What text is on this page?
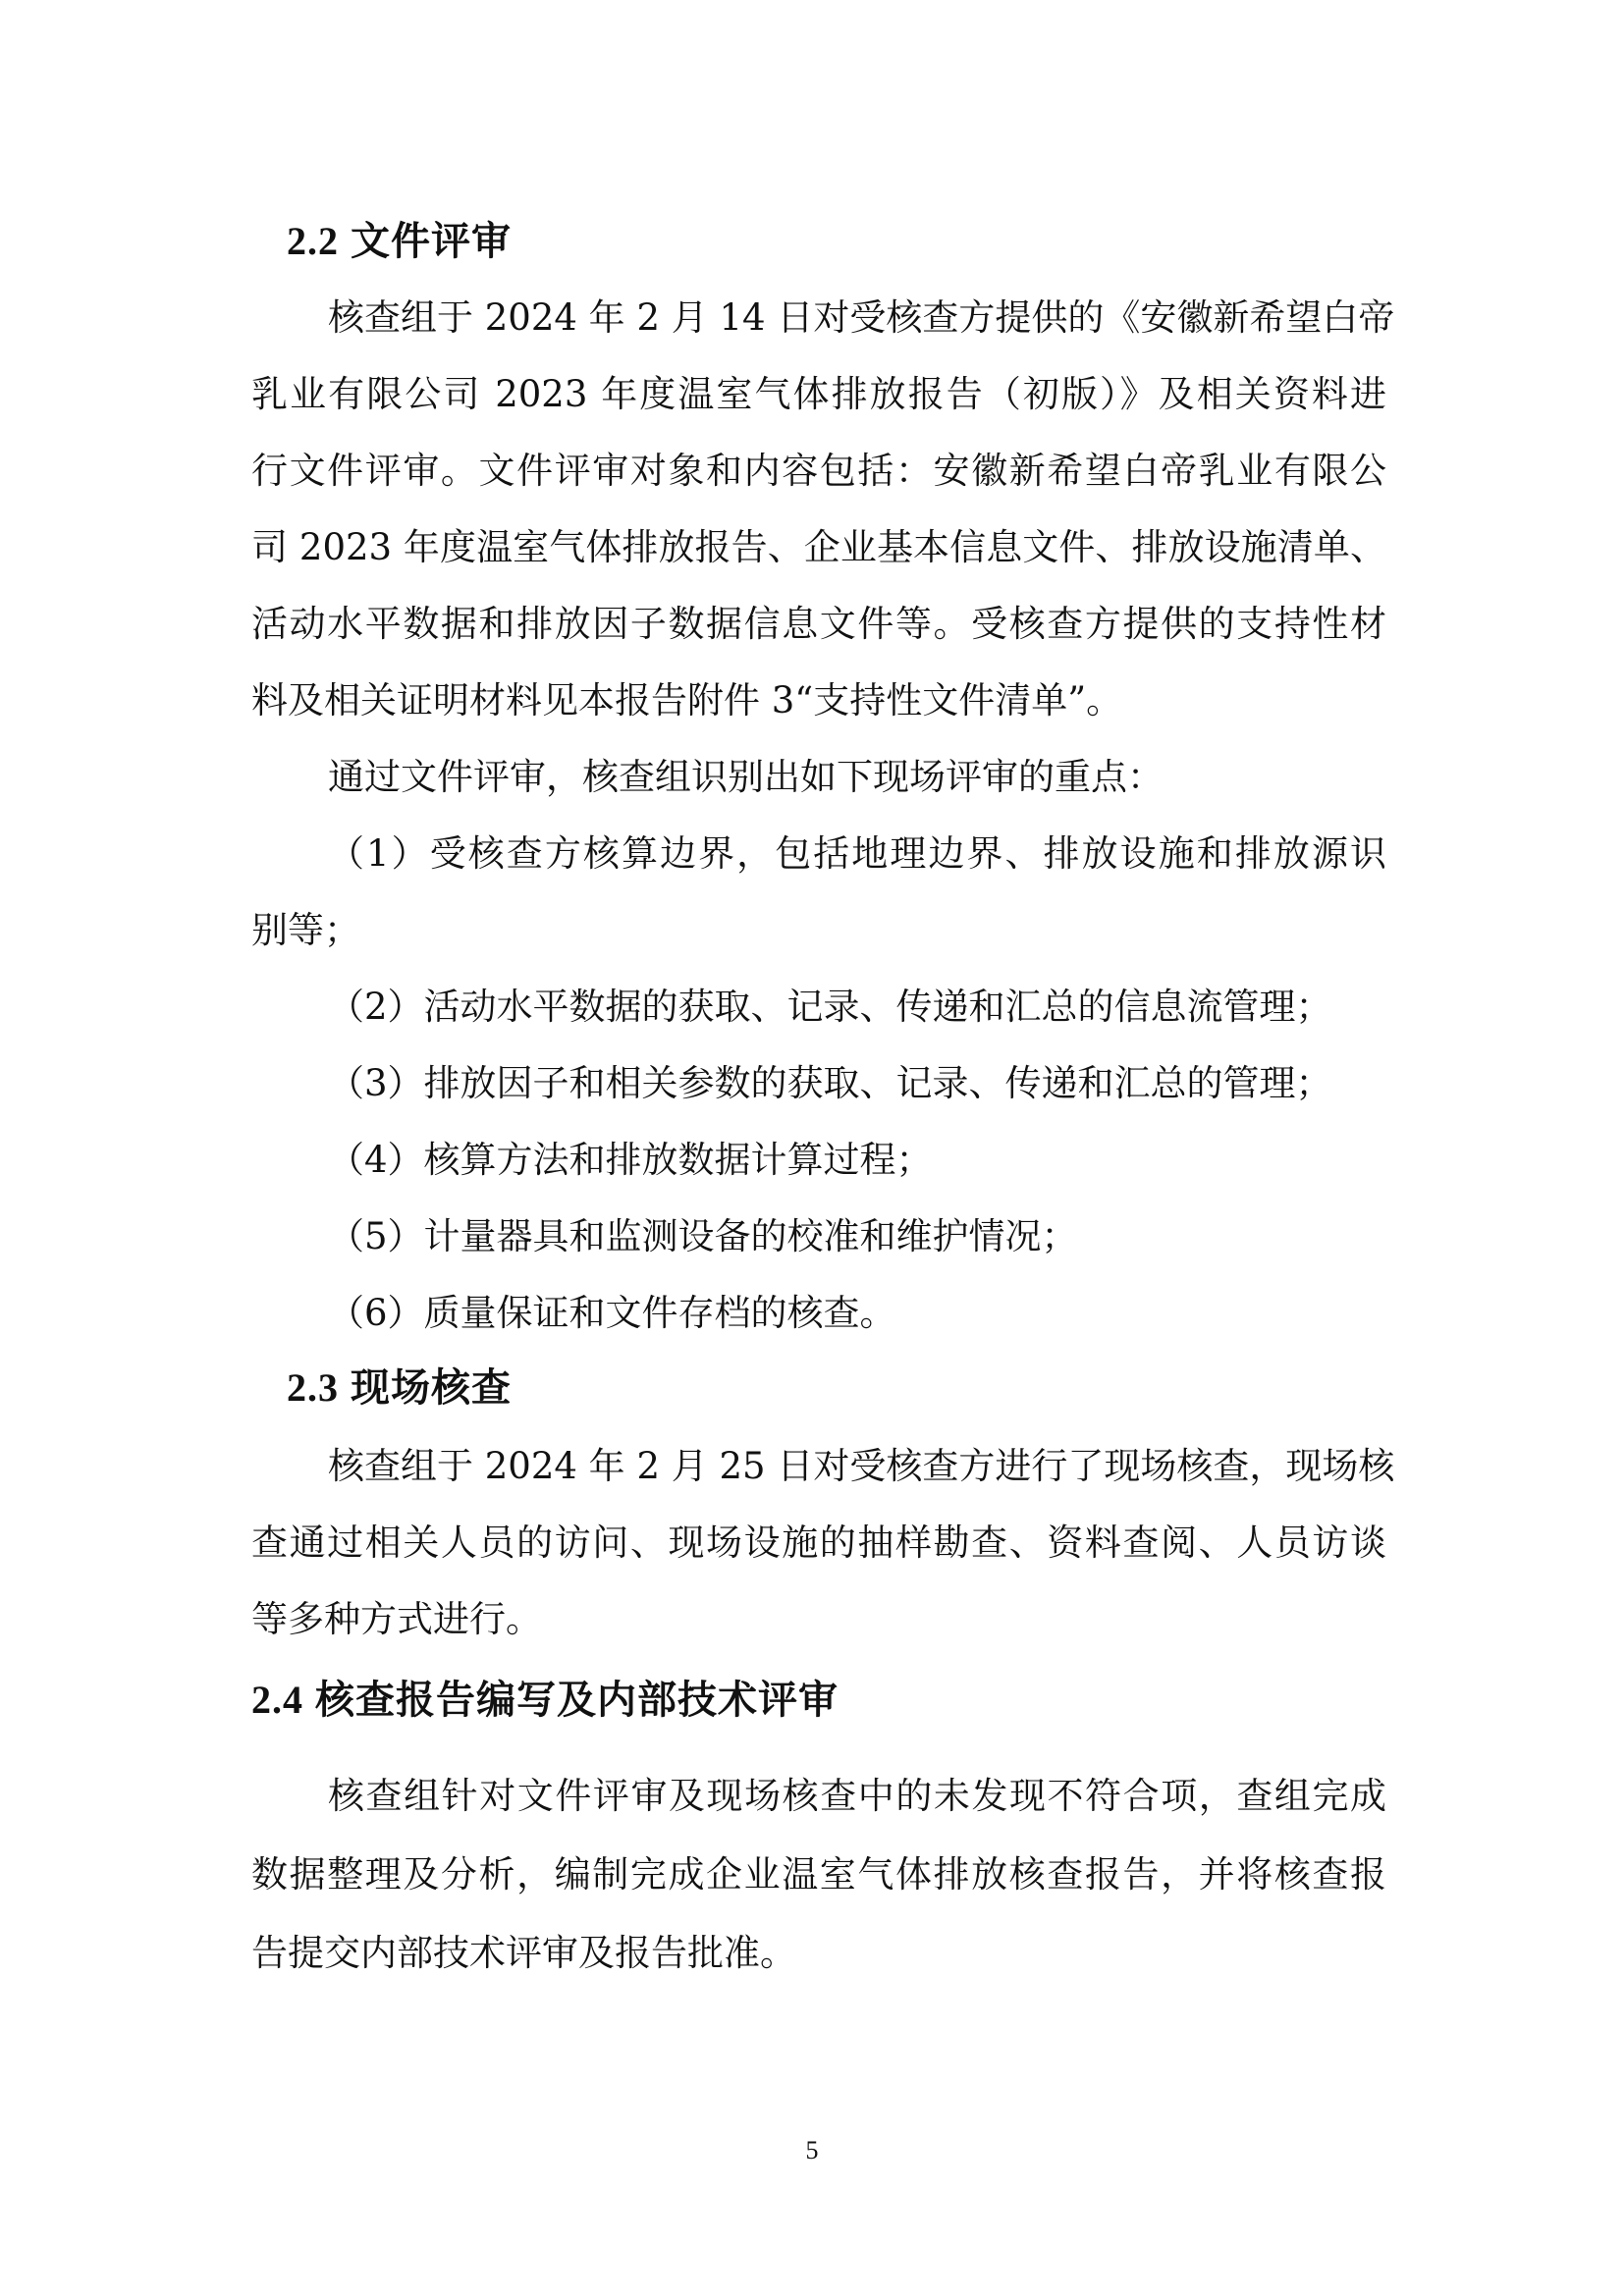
2.2 文件评审
核查组于 2024 年 2 月 14 日对受核查方提供的《安徽新希望白帝
乳业有限公司 2023 年度温室气体排放报告（初版）》及相关资料进
行文件评审。文件评审对象和内容包括：安徽新希望白帝乳业有限公
司 2023 年度温室气体排放报告、企业基本信息文件、排放设施清单、
活动水平数据和排放因子数据信息文件等。受核查方提供的支持性材
料及相关证明材料见本报告附件 3“支持性文件清单”。
通过文件评审，核查组识别出如下现场评审的重点：
（1）受核查方核算边界，包括地理边界、排放设施和排放源识
别等；
（2）活动水平数据的获取、记录、传递和汇总的信息流管理；
（3）排放因子和相关参数的获取、记录、传递和汇总的管理；
（4）核算方法和排放数据计算过程；
（5）计量器具和监测设备的校准和维护情况；
（6）质量保证和文件存档的核查。
2.3 现场核查
核查组于 2024 年 2 月 25 日对受核查方进行了现场核查，现场核
查通过相关人员的访问、现场设施的抽样勘查、资料查阅、人员访谈
等多种方式进行。
2.4 核查报告编写及内部技术评审
核查组针对文件评审及现场核查中的未发现不符合项，查组完成
数据整理及分析，编制完成企业温室气体排放核查报告，并将核查报
告提交内部技术评审及报告批准。
5
